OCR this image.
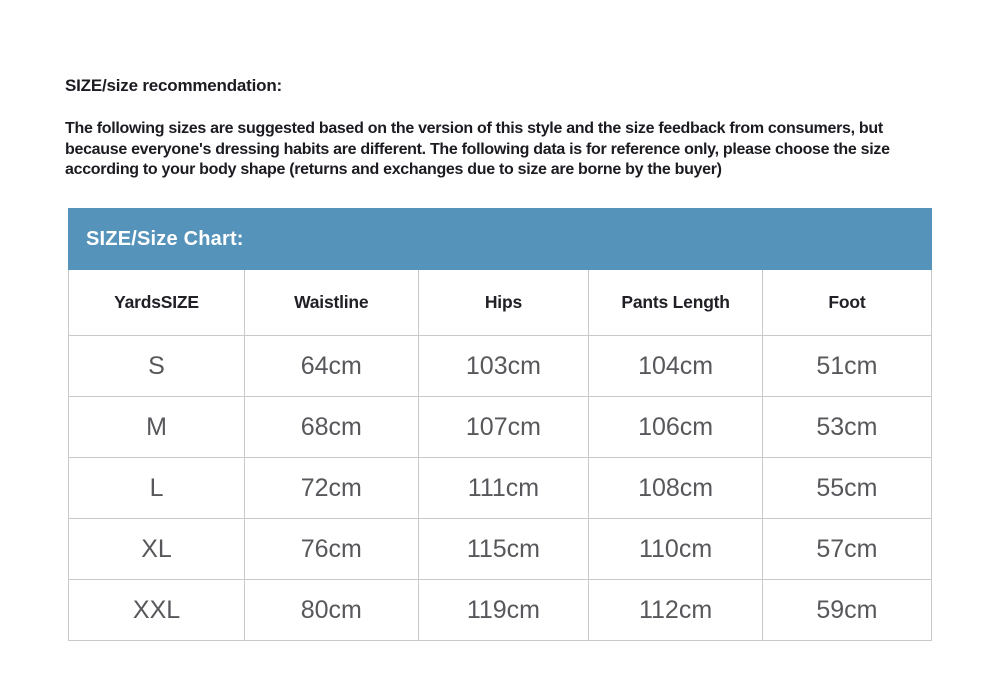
SIZE/size recommendation:

The following sizes are suggested based on the version of this style and the size feedback from consumers, but because everyone's dressing habits are different. The following data is for reference only, please choose the size according to your body shape (returns and exchanges due to size are borne by the buyer)

SIZE/Size Chart:
YardsSIZE	Waistline	Hips	Pants Length	Foot
S	64cm	103cm	104cm	51cm
M	68cm	107cm	106cm	53cm
L	72cm	111cm	108cm	55cm
XL	76cm	115cm	110cm	57cm
XXL	80cm	119cm	112cm	59cm
